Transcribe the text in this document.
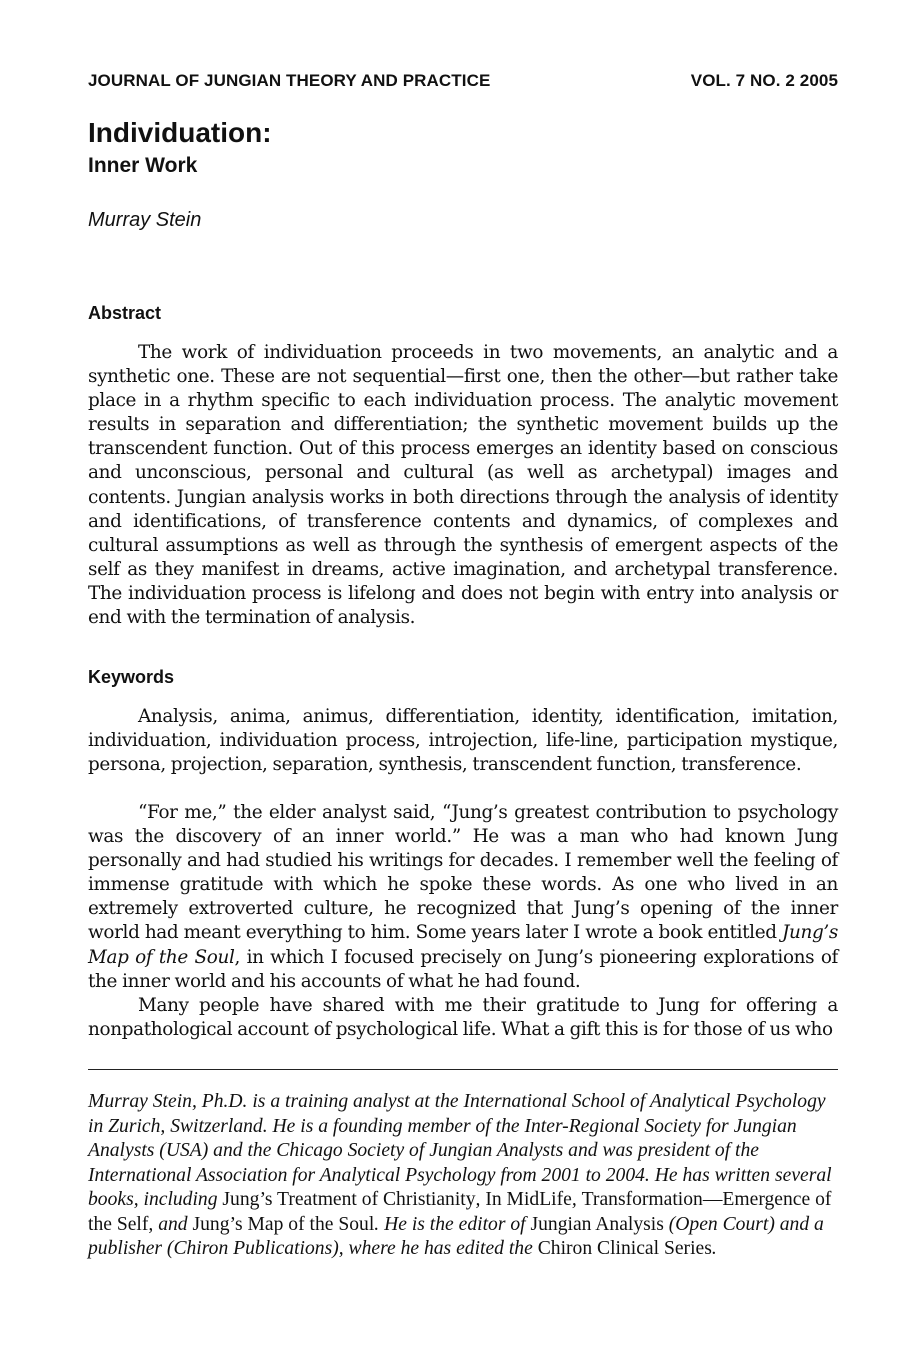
JOURNAL OF JUNGIAN THEORY AND PRACTICE	VOL. 7 NO. 2 2005
Individuation:
Inner Work
Murray Stein
Abstract

The work of individuation proceeds in two movements, an analytic and a synthetic one. These are not sequential—first one, then the other—but rather take place in a rhythm specific to each individuation process. The analytic movement results in separation and differentiation; the synthetic movement builds up the transcendent function. Out of this process emerges an identity based on conscious and unconscious, personal and cultural (as well as archetypal) images and contents. Jungian analysis works in both directions through the analysis of identity and identifications, of transference contents and dynamics, of complexes and cultural assumptions as well as through the synthesis of emergent aspects of the self as they manifest in dreams, active imagination, and archetypal transference. The individuation process is lifelong and does not begin with entry into analysis or end with the termination of analysis.

Keywords

Analysis, anima, animus, differentiation, identity, identification, imitation, individuation, individuation process, introjection, life-line, participation mystique, persona, projection, separation, synthesis, transcendent function, transference.

“For me,” the elder analyst said, “Jung’s greatest contribution to psychology was the discovery of an inner world.” He was a man who had known Jung personally and had studied his writings for decades. I remember well the feeling of immense gratitude with which he spoke these words. As one who lived in an extremely extroverted culture, he recognized that Jung’s opening of the inner world had meant everything to him. Some years later I wrote a book entitled Jung’s Map of the Soul, in which I focused precisely on Jung’s pioneering explorations of the inner world and his accounts of what he had found.

Many people have shared with me their gratitude to Jung for offering a nonpathological account of psychological life. What a gift this is for those of us who

Murray Stein, Ph.D. is a training analyst at the International School of Analytical Psychology in Zurich, Switzerland. He is a founding member of the Inter-Regional Society for Jungian Analysts (USA) and the Chicago Society of Jungian Analysts and was president of the International Association for Analytical Psychology from 2001 to 2004. He has written several books, including Jung’s Treatment of Christianity, In MidLife, Transformation—Emergence of the Self, and Jung’s Map of the Soul. He is the editor of Jungian Analysis (Open Court) and a publisher (Chiron Publications), where he has edited the Chiron Clinical Series.
